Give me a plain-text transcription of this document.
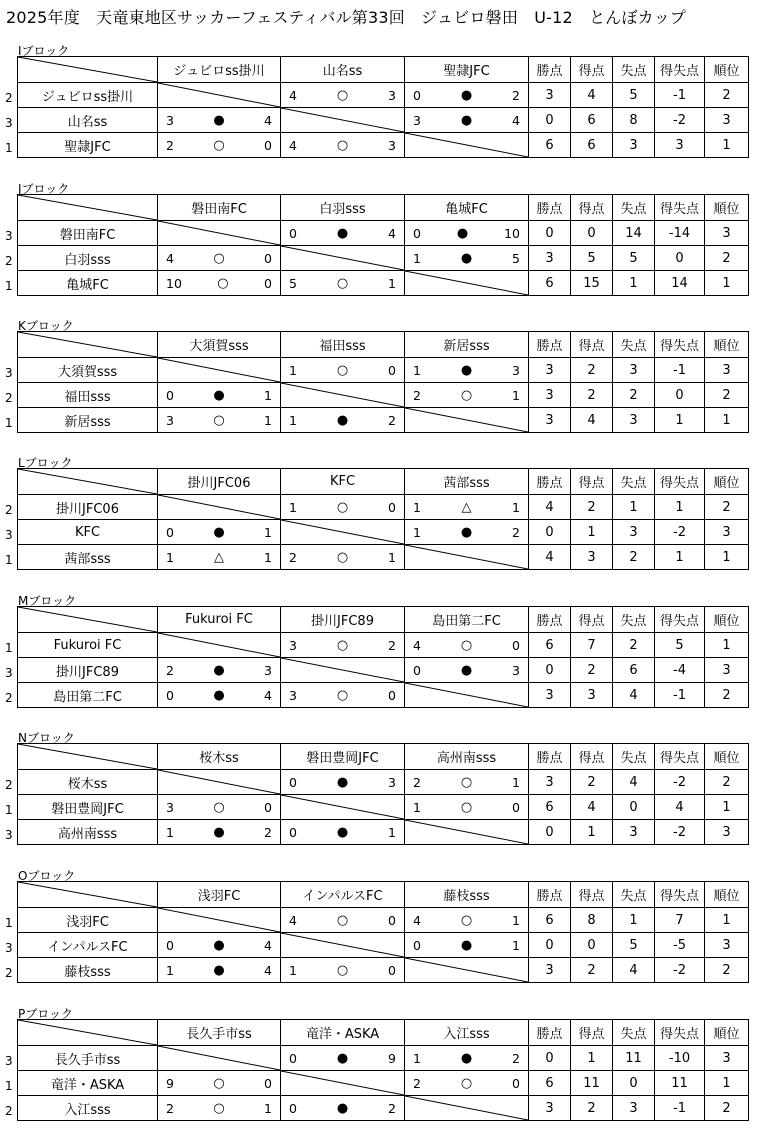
2025年度　天竜東地区サッカーフェスティバル第33回　ジュビロ磐田　U-12　とんぼカップ
Iブロック
2
3
1
	ジュビロss掛川	山名ss	聖隷JFC	勝点	得点	失点	得失点	順位
ジュビロss掛川		4 ○ 3	0 ● 2	3	4	5	-1	2
山名ss	3 ● 4		3 ● 4	0	6	8	-2	3
聖隷JFC	2 ○ 0	4 ○ 3		6	6	3	3	1
Jブロック
3
2
1
	磐田南FC	白羽sss	亀城FC	勝点	得点	失点	得失点	順位
磐田南FC		0 ● 4	0 ● 10	0	0	14	-14	3
白羽sss	4 ○ 0		1 ● 5	3	5	5	0	2
亀城FC	10 ○ 0	5 ○ 1		6	15	1	14	1
Kブロック
3
2
1
	大須賀sss	福田sss	新居sss	勝点	得点	失点	得失点	順位
大須賀sss		1 ○ 0	1 ● 3	3	2	3	-1	3
福田sss	0 ● 1		2 ○ 1	3	2	2	0	2
新居sss	3 ○ 1	1 ● 2		3	4	3	1	1
Lブロック
2
3
1
	掛川JFC06	KFC	茜部sss	勝点	得点	失点	得失点	順位
掛川JFC06		1 ○ 0	1 △ 1	4	2	1	1	2
KFC	0 ● 1		1 ● 2	0	1	3	-2	3
茜部sss	1 △ 1	2 ○ 1		4	3	2	1	1
Mブロック
1
3
2
	Fukuroi FC	掛川JFC89	島田第二FC	勝点	得点	失点	得失点	順位
Fukuroi FC		3 ○ 2	4 ○ 0	6	7	2	5	1
掛川JFC89	2 ● 3		0 ● 3	0	2	6	-4	3
島田第二FC	0 ● 4	3 ○ 0		3	3	4	-1	2
Nブロック
2
1
3
	桜木ss	磐田豊岡JFC	高州南sss	勝点	得点	失点	得失点	順位
桜木ss		0 ● 3	2 ○ 1	3	2	4	-2	2
磐田豊岡JFC	3 ○ 0		1 ○ 0	6	4	0	4	1
高州南sss	1 ● 2	0 ● 1		0	1	3	-2	3
Oブロック
1
3
2
	浅羽FC	インパルスFC	藤枝sss	勝点	得点	失点	得失点	順位
浅羽FC		4 ○ 0	4 ○ 1	6	8	1	7	1
インパルスFC	0 ● 4		0 ● 1	0	0	5	-5	3
藤枝sss	1 ● 4	1 ○ 0		3	2	4	-2	2
Pブロック
3
1
2
	長久手市ss	竜洋・ASKA	入江sss	勝点	得点	失点	得失点	順位
長久手市ss		0 ● 9	1 ● 2	0	1	11	-10	3
竜洋・ASKA	9 ○ 0		2 ○ 0	6	11	0	11	1
入江sss	2 ○ 1	0 ● 2		3	2	3	-1	2
